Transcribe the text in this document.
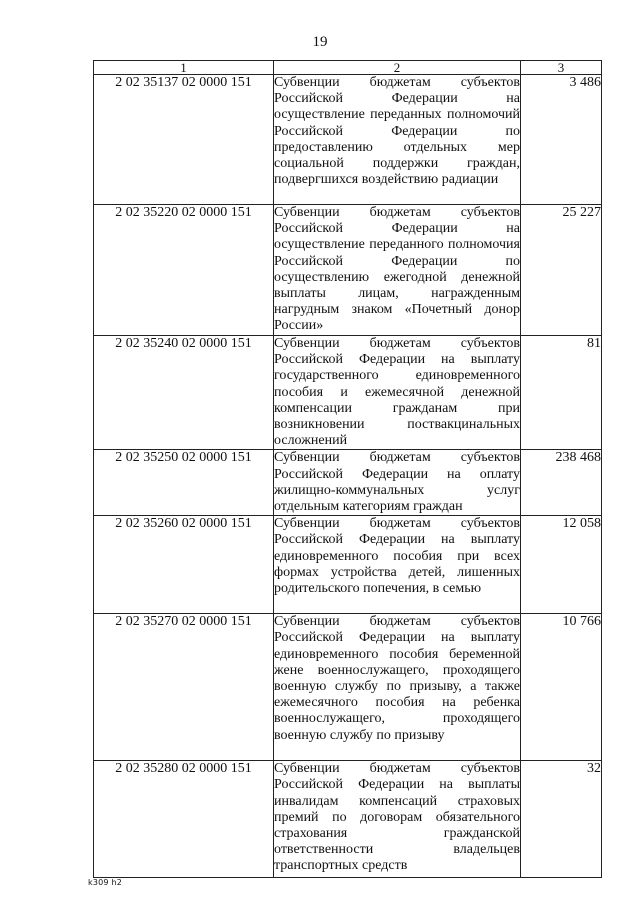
19
1	2	3
2 02 35137 02 0000 151	Субвенции бюджетам субъектов Российской Федерации на осуществление переданных полномочий Российской Федерации по предоставлению отдельных мер социальной поддержки граждан, подвергшихся воздействию радиации	3 486
2 02 35220 02 0000 151	Субвенции бюджетам субъектов Российской Федерации на осуществление переданного полномочия Российской Федерации по осуществлению ежегодной денежной выплаты лицам, награжденным нагрудным знаком «Почетный донор России»	25 227
2 02 35240 02 0000 151	Субвенции бюджетам субъектов Российской Федерации на выплату государственного единовременного пособия и ежемесячной денежной компенсации гражданам при возникновении поствакцинальных осложнений	81
2 02 35250 02 0000 151	Субвенции бюджетам субъектов Российской Федерации на оплату жилищно-коммунальных услуг отдельным категориям граждан	238 468
2 02 35260 02 0000 151	Субвенции бюджетам субъектов Российской Федерации на выплату единовременного пособия при всех формах устройства детей, лишенных родительского попечения, в семью	12 058
2 02 35270 02 0000 151	Субвенции бюджетам субъектов Российской Федерации на выплату единовременного пособия беременной жене военнослужащего, проходящего военную службу по призыву, а также ежемесячного пособия на ребенка военнослужащего, проходящего военную службу по призыву	10 766
2 02 35280 02 0000 151	Субвенции бюджетам субъектов Российской Федерации на выплаты инвалидам компенсаций страховых премий по договорам обязательного страхования гражданской ответственности владельцев транспортных средств	32
k309 h2
